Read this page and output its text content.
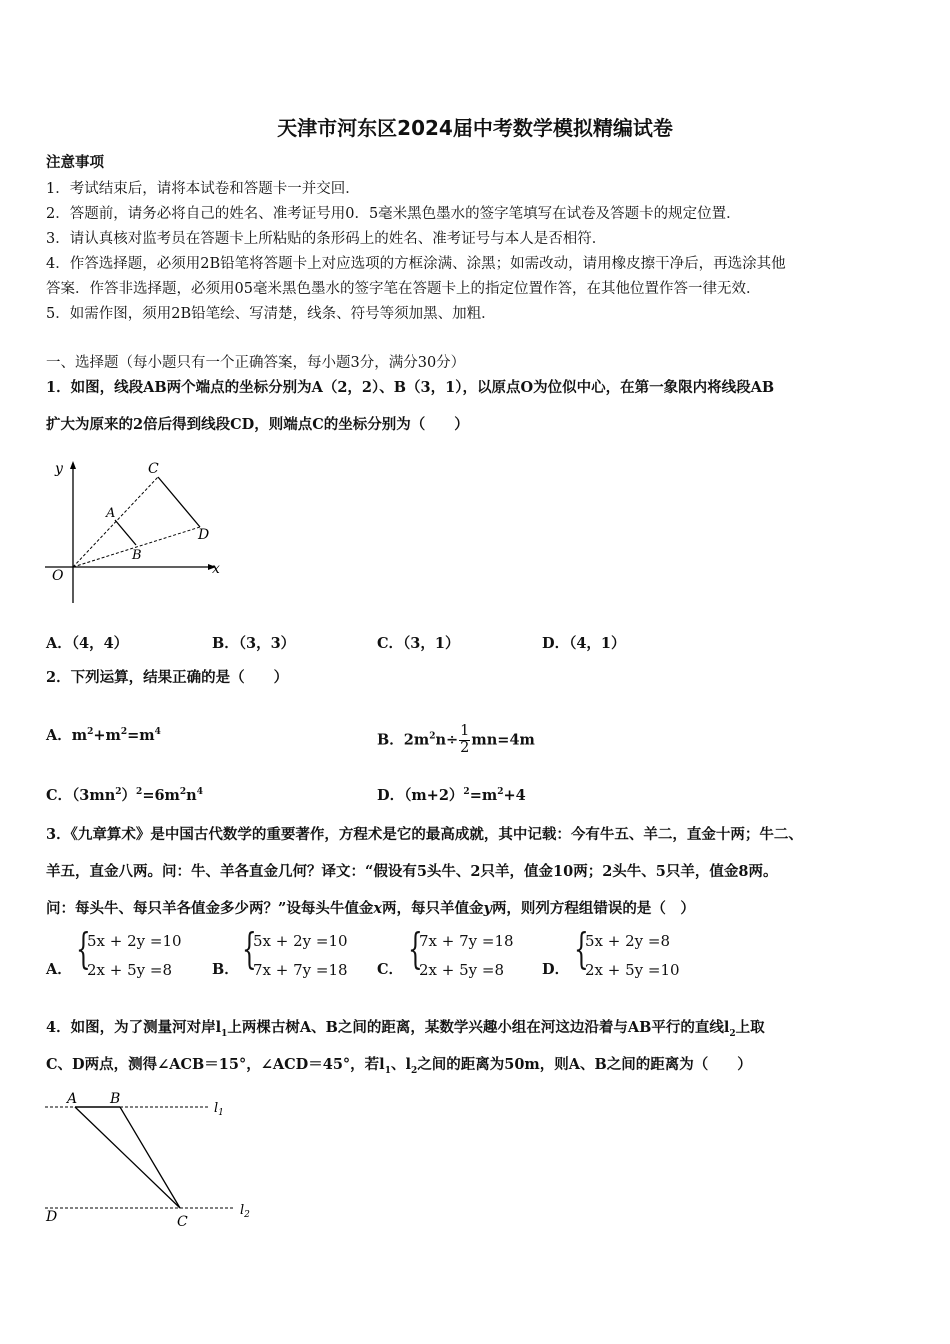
天津市河东区2024届中考数学模拟精编试卷
注意事项
1．考试结束后，请将本试卷和答题卡一并交回．
2．答题前，请务必将自己的姓名、准考证号用0．5毫米黑色墨水的签字笔填写在试卷及答题卡的规定位置．
3．请认真核对监考员在答题卡上所粘贴的条形码上的姓名、准考证号与本人是否相符．
4．作答选择题，必须用2B铅笔将答题卡上对应选项的方框涂满、涂黑；如需改动，请用橡皮擦干净后，再选涂其他
答案．作答非选择题，必须用05毫米黑色墨水的签字笔在答题卡上的指定位置作答，在其他位置作答一律无效．
5．如需作图，须用2B铅笔绘、写清楚，线条、符号等须加黑、加粗．
一、选择题（每小题只有一个正确答案，每小题3分，满分30分）
1．如图，线段AB两个端点的坐标分别为A（2，2）、B（3，1），以原点O为位似中心，在第一象限内将线段AB
扩大为原来的2倍后得到线段CD，则端点C的坐标分别为（　　）
y
x
O
A
B
C
D
A．（4，4）	B．（3，3）	C．（3，1）	D．（4，1）
2．下列运算，结果正确的是（　　）
A．$m^2+m^2=m^4$	B．$2m^2n\div \frac{1}{2} mn=4m$
C．$(3mn^2)^2=6m^2n^4$	D．$(m+2)^2=m^2+4$
3．《九章算术》是中国古代数学的重要著作，方程术是它的最高成就，其中记载：今有牛五、羊二，直金十两；牛二、
羊五，直金八两。问：牛、羊各直金几何？译文：“假设有5头牛、2只羊，值金10两；2头牛、5只羊，值金8两。
问：每头牛、每只羊各值金多少两？”设每头牛值金x两，每只羊值金y两，则列方程组错误的是（　）
A． {
5x + 2y =10
2x + 5y =8	B． {
5x + 2y =10
7x + 7y =18 C． {
7x + 7y =18
2x + 5y =8	D． {
5x + 2y =8
2x + 5y =10
4．如图，为了测量河对岸$l_1$上两棵古树A、B之间的距离，某数学兴趣小组在河这边沿着与AB平行的直线$l_2$上取
C、D两点，测得∠ACB＝15°，∠ACD＝45°，若$l_1$、$l_2$之间的距离为50m，则A、B之间的距离为（　　）
A B
D	C
$l_1$
$l_2$
